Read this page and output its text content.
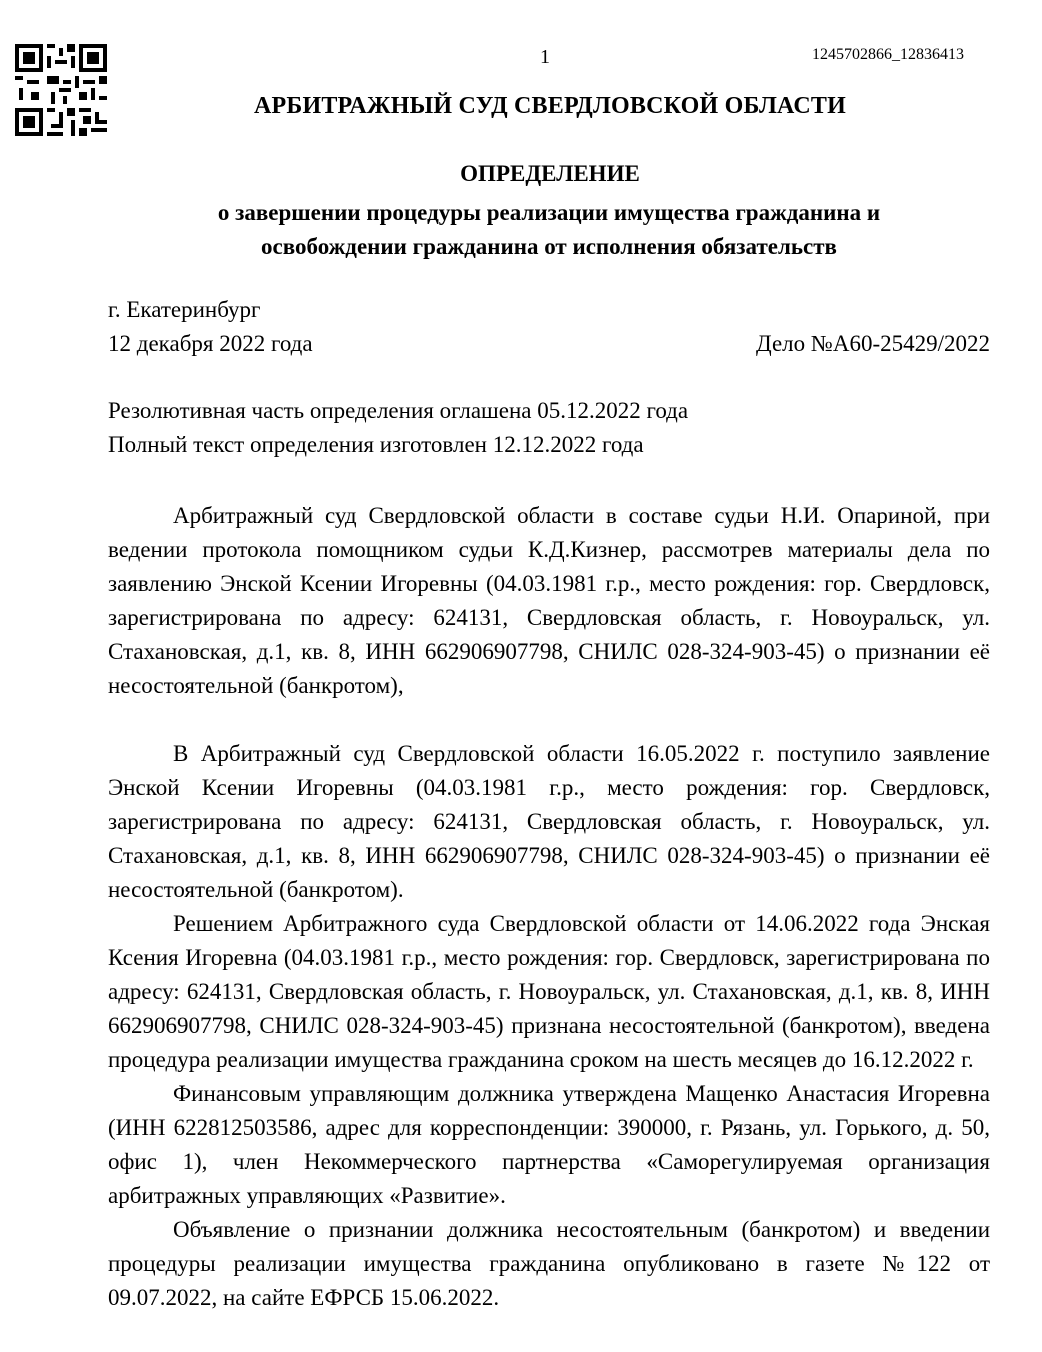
1	1245702866_12836413
АРБИТРАЖНЫЙ СУД СВЕРДЛОВСКОЙ ОБЛАСТИ
ОПРЕДЕЛЕНИЕ
о завершении процедуры реализации имущества гражданина и
освобождении гражданина от исполнения обязательств
г. Екатеринбург
12 декабря 2022 года	Дело №А60-25429/2022
Резолютивная часть определения оглашена 05.12.2022 года
Полный текст определения изготовлен 12.12.2022 года

Арбитражный суд Свердловской области в составе судьи Н.И. Опариной, при ведении протокола помощником судьи К.Д.Кизнер, рассмотрев материалы дела по заявлению Энской Ксении Игоревны (04.03.1981 г.р., место рождения: гор. Свердловск, зарегистрирована по адресу: 624131, Свердловская область, г. Новоуральск, ул. Стахановская, д.1, кв. 8, ИНН 662906907798, СНИЛС 028-324-903-45) о признании её несостоятельной (банкротом),

В Арбитражный суд Свердловской области 16.05.2022 г. поступило заявление Энской Ксении Игоревны (04.03.1981 г.р., место рождения: гор. Свердловск, зарегистрирована по адресу: 624131, Свердловская область, г. Новоуральск, ул. Стахановская, д.1, кв. 8, ИНН 662906907798, СНИЛС 028-324-903-45) о признании её несостоятельной (банкротом).

Решением Арбитражного суда Свердловской области от 14.06.2022 года Энская Ксения Игоревна (04.03.1981 г.р., место рождения: гор. Свердловск, зарегистрирована по адресу: 624131, Свердловская область, г. Новоуральск, ул. Стахановская, д.1, кв. 8, ИНН 662906907798, СНИЛС 028-324-903-45) признана несостоятельной (банкротом), введена процедура реализации имущества гражданина сроком на шесть месяцев до 16.12.2022 г.

Финансовым управляющим должника утверждена Мащенко Анастасия Игоревна (ИНН 622812503586, адрес для корреспонденции: 390000, г. Рязань, ул. Горького, д. 50, офис 1), член Некоммерческого партнерства «Саморегулируемая организация арбитражных управляющих «Развитие».

Объявление о признании должника несостоятельным (банкротом) и введении процедуры реализации имущества гражданина опубликовано в газете №122 от 09.07.2022, на сайте ЕФРСБ 15.06.2022.
